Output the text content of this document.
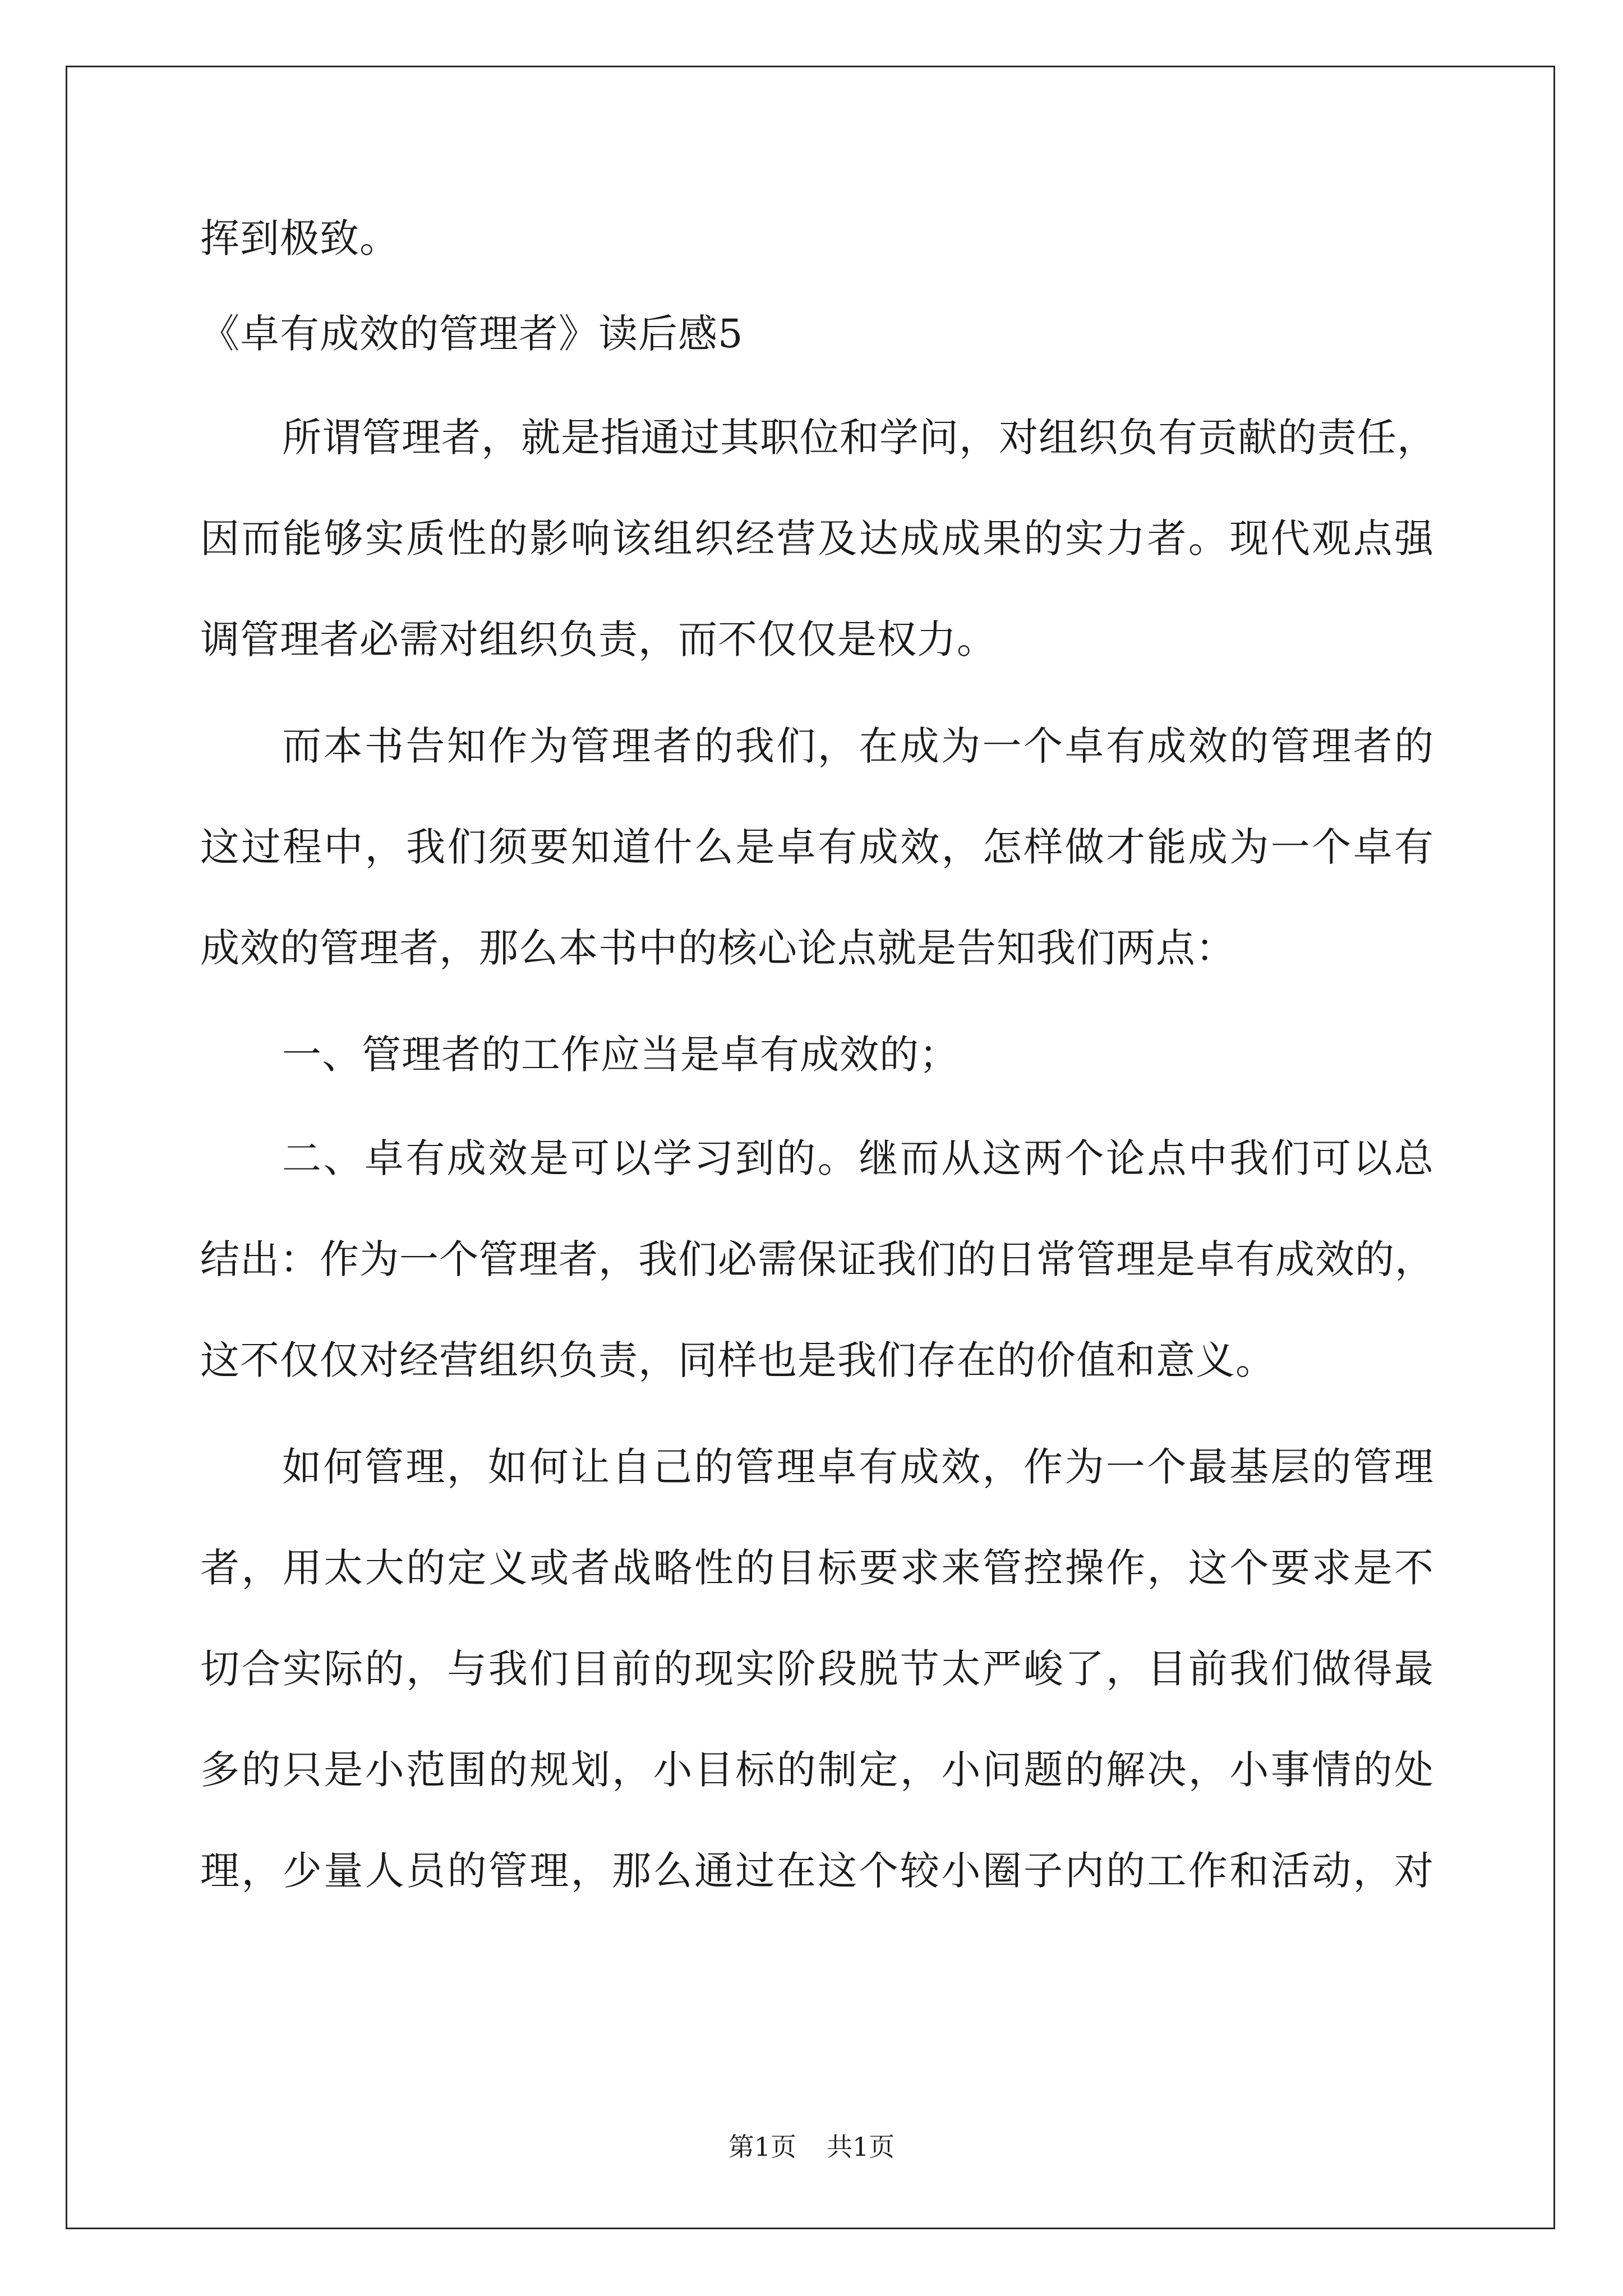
挥到极致。
《卓有成效的管理者》读后感5
所谓管理者，就是指通过其职位和学问，对组织负有贡献的责任，
因而能够实质性的影响该组织经营及达成成果的实力者。现代观点强
调管理者必需对组织负责，而不仅仅是权力。
而本书告知作为管理者的我们，在成为一个卓有成效的管理者的
这过程中，我们须要知道什么是卓有成效，怎样做才能成为一个卓有
成效的管理者，那么本书中的核心论点就是告知我们两点：
一、管理者的工作应当是卓有成效的；
二、卓有成效是可以学习到的。继而从这两个论点中我们可以总
结出：作为一个管理者，我们必需保证我们的日常管理是卓有成效的，
这不仅仅对经营组织负责，同样也是我们存在的价值和意义。
如何管理，如何让自己的管理卓有成效，作为一个最基层的管理
者，用太大的定义或者战略性的目标要求来管控操作，这个要求是不
切合实际的，与我们目前的现实阶段脱节太严峻了，目前我们做得最
多的只是小范围的规划，小目标的制定，小问题的解决，小事情的处
理，少量人员的管理，那么通过在这个较小圈子内的工作和活动，对
第1页 共1页
